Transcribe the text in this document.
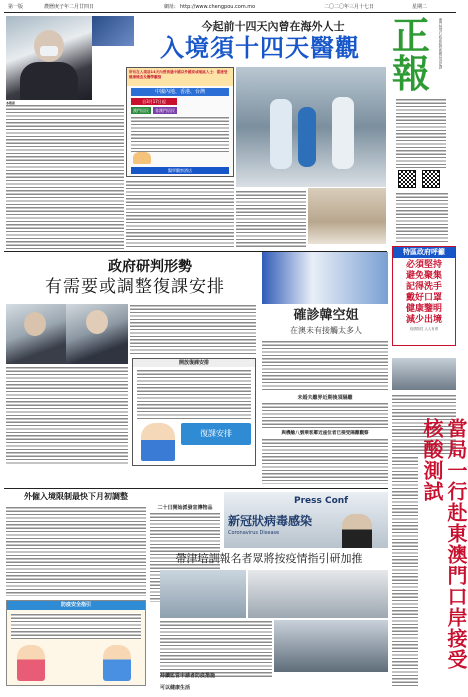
第一版	農曆庚子年二月廿四日	網址: http://www.chengpou.com.mo	二〇二〇年三月十七日	星期二
今起前十四天內曾在海外人士
入境須十四天醫觀
本報訊
所有在入境前14天內曾到過中國以外國家或地區人士：需接受健康檢查及醫學觀察
中國內地、香港、台灣
自3月17日起
澳門居民	非澳門居民
醫學觀察酒店
正
報
澳門特別行政區政府新聞局登記證
特區政府呼籲
必須堅持
避免聚集
記得洗手
戴好口罩
健康鑒明
減少出境
疫情防控 人人有責
政府研判形勢
有需要或調整復課安排
開放復課安排
復課安排
確診韓空姐
在澳未有接觸太多人
未婚夫離界近期後須隔離
與機艙八號乘客鄰近座位者已接受隔離觀察	當局一行赴東澳門口岸接受核酸測試
外僱入境限制最快下月初調整
二十日開始派發宣傳物品
Press Conf
新冠狀病毒感染
Coronavirus Disease
帶津培訓報名者眾將按疫情指引研加推
持續監管申請者防疫措施
防疫安全指引
可以健康生活
